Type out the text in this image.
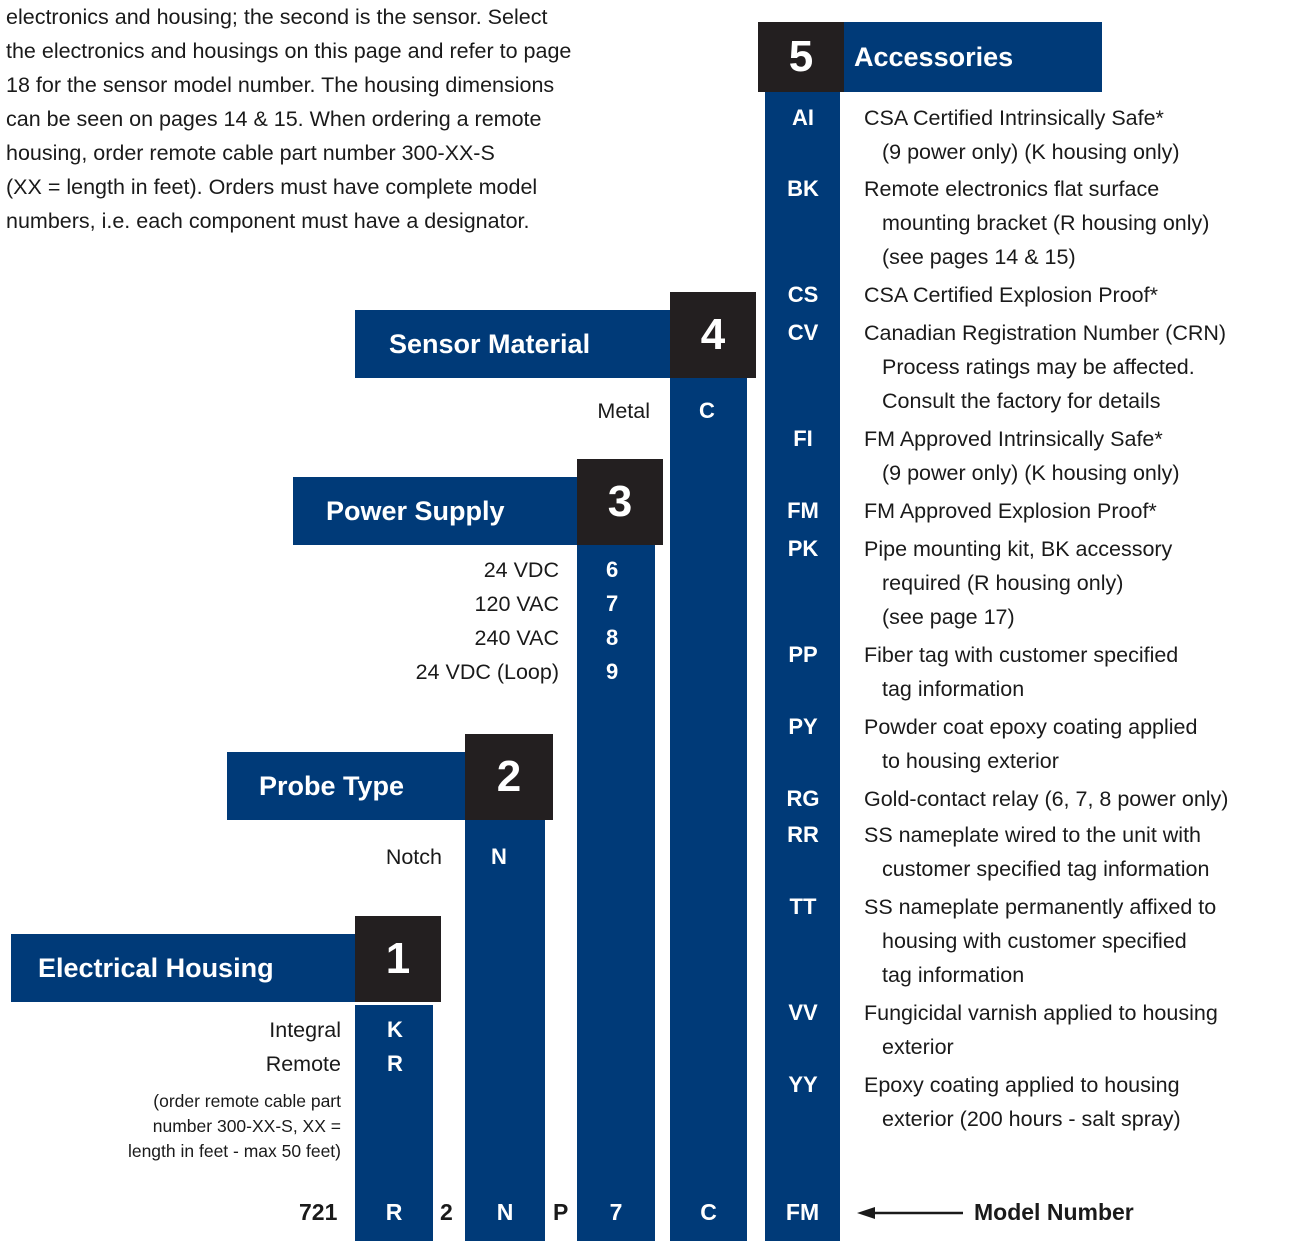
electronics and housing; the second is the sensor. Select
the electronics and housings on this page and refer to page
18 for the sensor model number. The housing dimensions
can be seen on pages 14 & 15. When ordering a remote
housing, order remote cable part number 300-XX-S
(XX = length in feet). Orders must have complete model
numbers, i.e. each component must have a designator.
Electrical Housing	1
Integral K
Remote R
(order remote cable part
number 300-XX-S, XX =
length in feet - max 50 feet)
Probe Type 2
Notch N
Power Supply 3
24 VDC 6
120 VAC 7
240 VAC 8
24 VDC (Loop) 9
Sensor Material	4
Metal C
5 Accessories
AI	CSA Certified Intrinsically Safe*
(9 power only) (K housing only)
BK	Remote electronics flat surface
mounting bracket (R housing only)
(see pages 14 & 15)
CS	CSA Certified Explosion Proof*
CV	Canadian Registration Number (CRN)
Process ratings may be affected.
Consult the factory for details
FI	FM Approved Intrinsically Safe*
(9 power only) (K housing only)
FM	FM Approved Explosion Proof*
PK	Pipe mounting kit, BK accessory
required (R housing only)
(see page 17)
PP	Fiber tag with customer specified
tag information
PY	Powder coat epoxy coating applied
to housing exterior
RG	Gold-contact relay (6, 7, 8 power only)
RR	SS nameplate wired to the unit with
customer specified tag information
TT	SS nameplate permanently affixed to
housing with customer specified
tag information
VV	Fungicidal varnish applied to housing
exterior
YY	Epoxy coating applied to housing
exterior (200 hours - salt spray)
721	R	2	N	P	7	C	FM	Model Number
